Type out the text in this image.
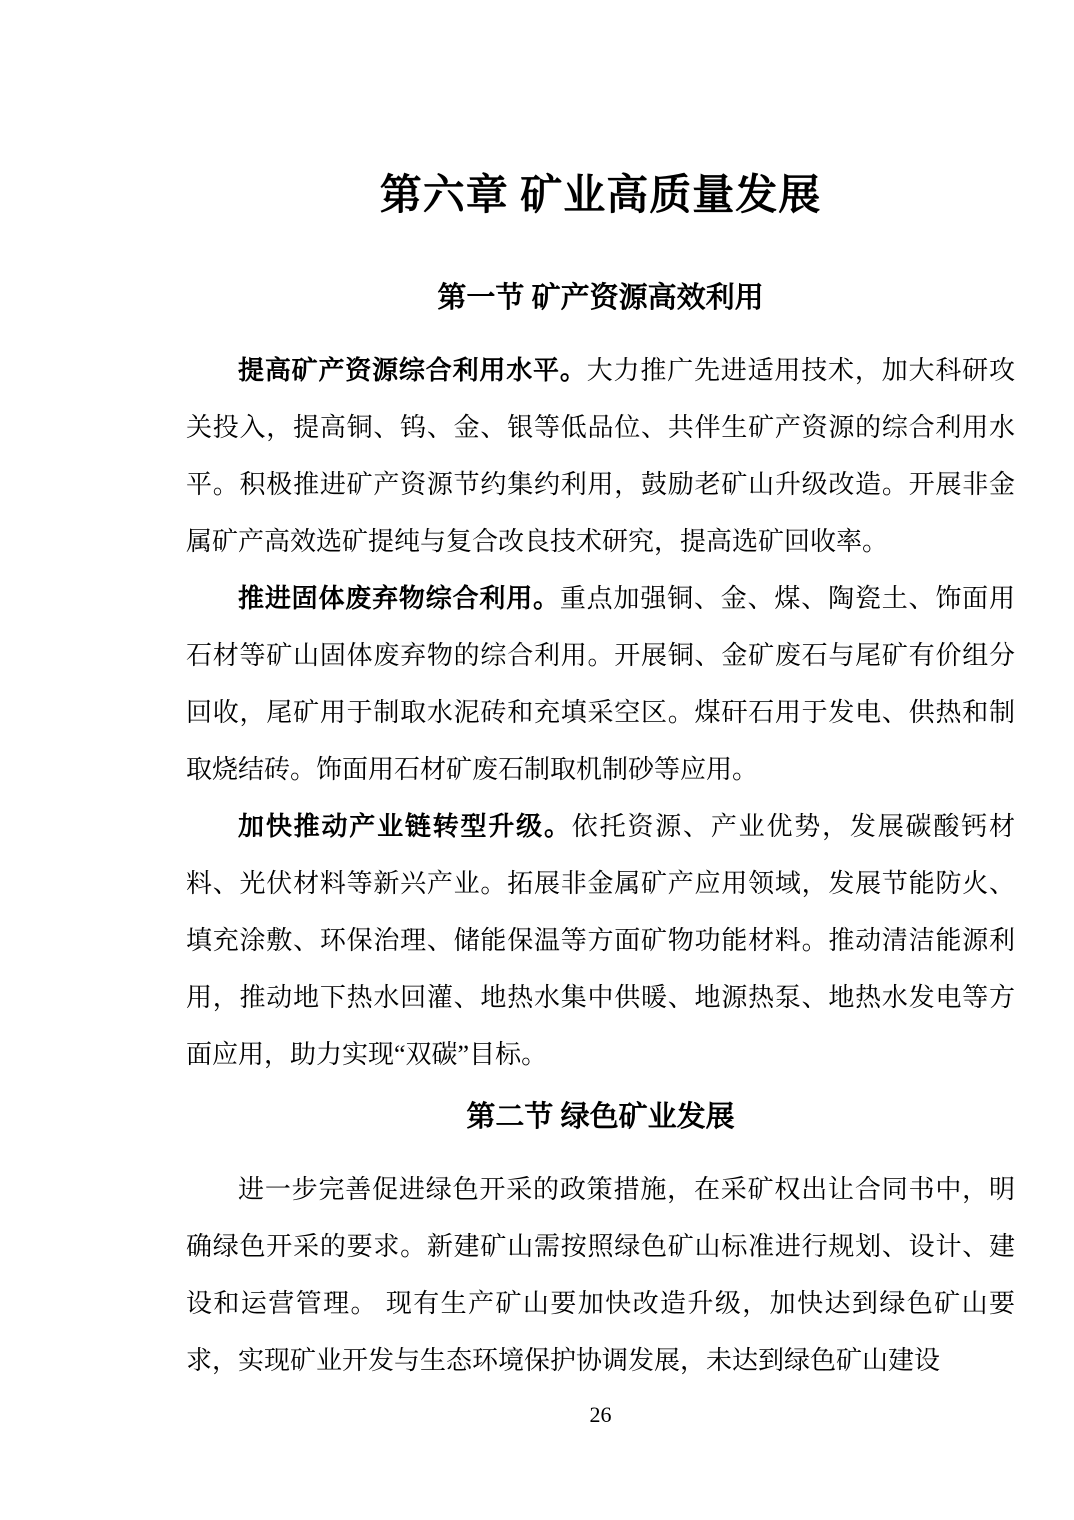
第六章 矿业高质量发展
第一节 矿产资源高效利用

提高矿产资源综合利用水平。大力推广先进适用技术，加大科研攻关投入，提高铜、钨、金、银等低品位、共伴生矿产资源的综合利用水平。积极推进矿产资源节约集约利用，鼓励老矿山升级改造。开展非金属矿产高效选矿提纯与复合改良技术研究，提高选矿回收率。

推进固体废弃物综合利用。重点加强铜、金、煤、陶瓷土、饰面用石材等矿山固体废弃物的综合利用。开展铜、金矿废石与尾矿有价组分回收，尾矿用于制取水泥砖和充填采空区。煤矸石用于发电、供热和制取烧结砖。饰面用石材矿废石制取机制砂等应用。

加快推动产业链转型升级。依托资源、产业优势，发展碳酸钙材料、光伏材料等新兴产业。拓展非金属矿产应用领域，发展节能防火、填充涂敷、环保治理、储能保温等方面矿物功能材料。推动清洁能源利用，推动地下热水回灌、地热水集中供暖、地源热泵、地热水发电等方面应用，助力实现“双碳”目标。

第二节 绿色矿业发展

进一步完善促进绿色开采的政策措施，在采矿权出让合同书中，明确绿色开采的要求。新建矿山需按照绿色矿山标准进行规划、设计、建设和运营管理。 现有生产矿山要加快改造升级，加快达到绿色矿山要求，实现矿业开发与生态环境保护协调发展，未达到绿色矿山建设

26
